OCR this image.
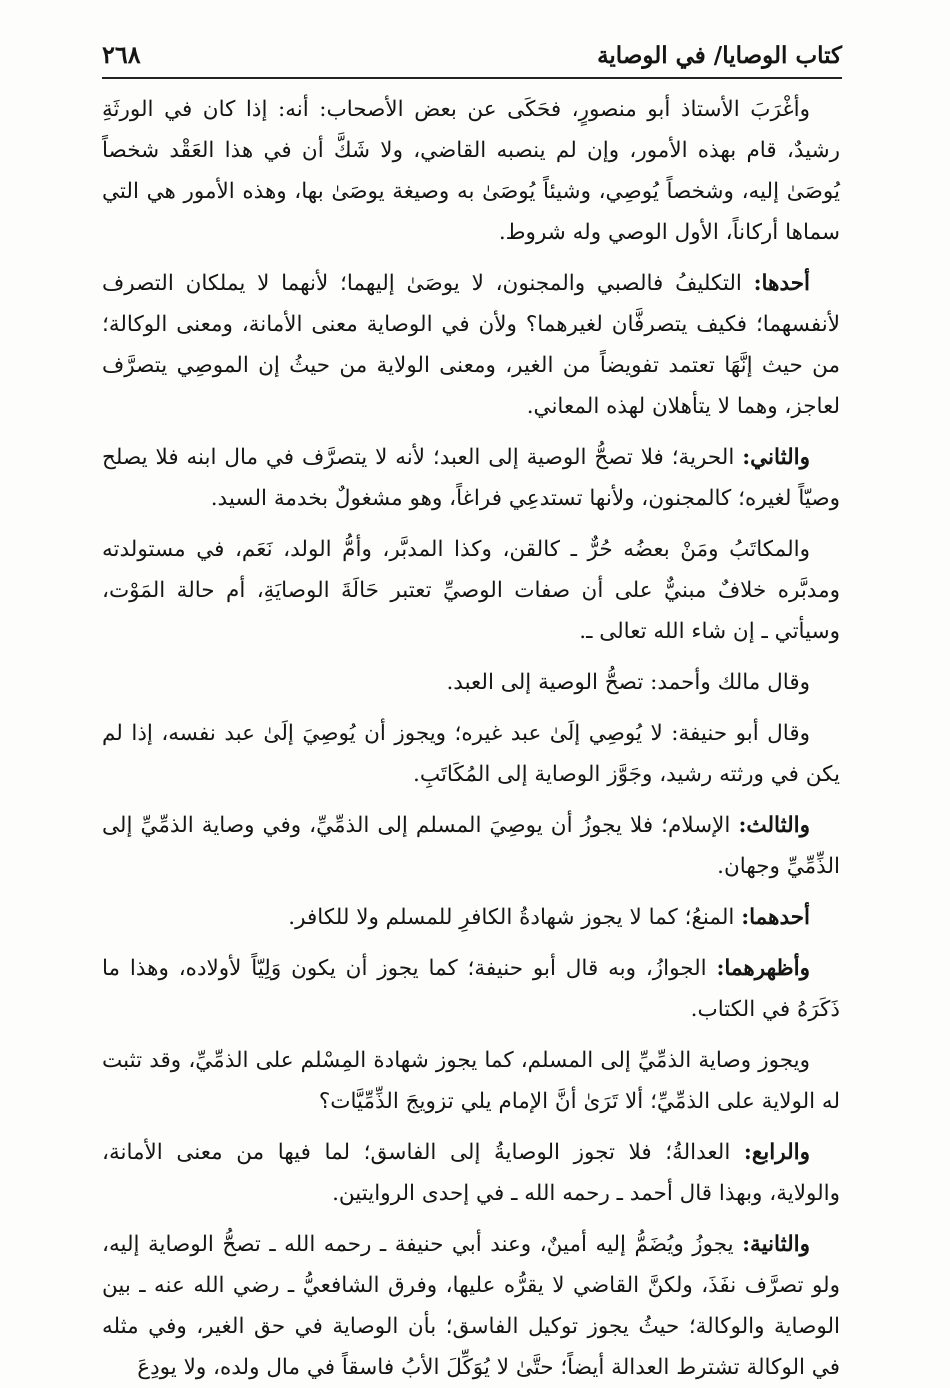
كتاب الوصايا/ في الوصاية
٢٦٨

وأغْرَبَ الأستاذ أبو منصورٍ، فحَكَى عن بعض الأصحاب: أنه: إذا كان في الورثَةِ رشيدٌ، قام بهذه الأمور، وإن لم ينصبه القاضي، ولا شَكَّ أن في هذا العَقْد شخصاً يُوصَىٰ إليه، وشخصاً يُوصِي، وشيئاً يُوصَىٰ به وصيغة يوصَىٰ بها، وهذه الأمور هي التي سماها أركاناً، الأول الوصي وله شروط.

أحدها: التكليفُ فالصبي والمجنون، لا يوصَىٰ إليهما؛ لأنهما لا يملكان التصرف لأنفسهما؛ فكيف يتصرفَّان لغيرهما؟ ولأن في الوصاية معنى الأمانة، ومعنى الوكالة؛ من حيث إنَّهَا تعتمد تفويضاً من الغير، ومعنى الولاية من حيثُ إن الموصِي يتصرَّف لعاجز، وهما لا يتأهلان لهذه المعاني.

والثاني: الحرية؛ فلا تصحُّ الوصية إلى العبد؛ لأنه لا يتصرَّف في مال ابنه فلا يصلح وصيّاً لغيره؛ كالمجنون، ولأنها تستدعِي فراغاً، وهو مشغولٌ بخدمة السيد.

والمكاتَبُ ومَنْ بعضُه حُرٌّ ـ كالقن، وكذا المدبَّر، وأمُّ الولد، نَعَم، في مستولدته ومدبَّره خلافٌ مبنيٌّ على أن صفات الوصيِّ تعتبر حَالَةَ الوصايَةِ، أم حالة المَوْت، وسيأتي ـ إن شاء الله تعالى ـ.

وقال مالك وأحمد: تصحُّ الوصية إلى العبد.

وقال أبو حنيفة: لا يُوصِي إلَىٰ عبد غيره؛ ويجوز أن يُوصِيَ إلَىٰ عبد نفسه، إذا لم يكن في ورثته رشيد، وجَوَّز الوصاية إلى المُكَاتَبِ.

والثالث: الإسلام؛ فلا يجوزُ أن يوصِيَ المسلم إلى الذمِّيِّ، وفي وصاية الذمِّيِّ إلى الذِّمِّيِّ وجهان.

أحدهما: المنعُ؛ كما لا يجوز شهادةُ الكافرِ للمسلم ولا للكافر.

وأظهرهما: الجوازُ، وبه قال أبو حنيفة؛ كما يجوز أن يكون وَلِيّاً لأولاده، وهذا ما ذَكَرَهُ في الكتاب.

ويجوز وصاية الذمِّيِّ إلى المسلم، كما يجوز شهادة المِسْلم على الذمِّيِّ، وقد تثبت له الولاية على الذمِّيِّ؛ ألا تَرَىٰ أنَّ الإمام يلي تزويجَ الذِّمِّيَّات؟

والرابع: العدالةُ؛ فلا تجوز الوصايةُ إلى الفاسق؛ لما فيها من معنى الأمانة، والولاية، وبهذا قال أحمد ـ رحمه الله ـ في إحدى الروايتين.

والثانية: يجوزُ ويُضَمُّ إليه أمينٌ، وعند أبي حنيفة ـ رحمه الله ـ تصحُّ الوصاية إليه، ولو تصرَّف نفَذَ، ولكنَّ القاضي لا يقرُّه عليها، وفرق الشافعيُّ ـ رضي الله عنه ـ بين الوصاية والوكالة؛ حيثُ يجوز توكيل الفاسق؛ بأن الوصاية في حق الغير، وفي مثله في الوكالة تشترط العدالة أيضاً؛ حتَّىٰ لا يُوَكِّلَ الأبُ فاسقاً في مال ولده، ولا يودِعَ
